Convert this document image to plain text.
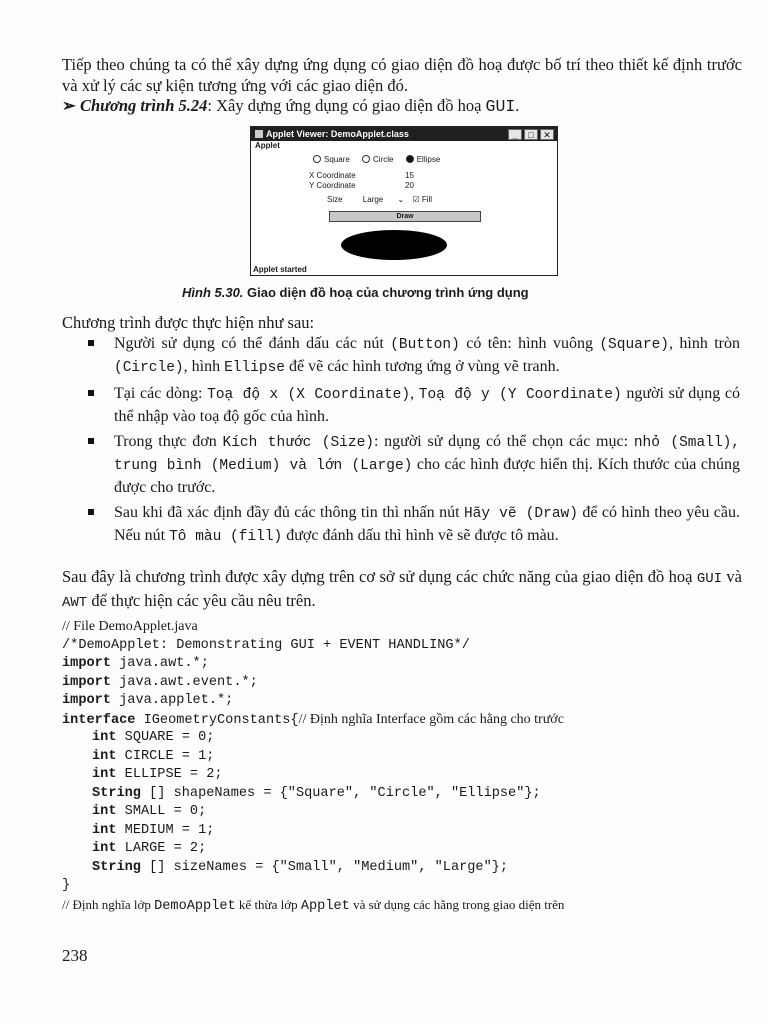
Tiếp theo chúng ta có thể xây dựng ứng dụng có giao diện đồ hoạ được bố trí theo thiết kế định trước và xử lý các sự kiện tương ứng với các giao diện đó.

➢ Chương trình 5.24: Xây dựng ứng dụng có giao diện đồ hoạ GUI.

Applet Viewer: DemoApplet.class	_ □ ✕
Applet
Square	Circle	Ellipse
X Coordinate	15
Y Coordinate	20
Size	Large ⌄ ☑ Fill
Draw
Applet started

Hình 5.30. Giao diện đồ hoạ của chương trình ứng dụng

Chương trình được thực hiện như sau:

Người sử dụng có thể đánh dấu các nút (Button) có tên: hình vuông (Square), hình tròn (Circle), hình Ellipse để vẽ các hình tương ứng ở vùng vẽ tranh.
Tại các dòng: Toạ độ x (X Coordinate), Toạ độ y (Y Coordinate) người sử dụng có thể nhập vào toạ độ gốc của hình.
Trong thực đơn Kích thước (Size): người sử dụng có thể chọn các mục: nhỏ (Small), trung bình (Medium) và lớn (Large) cho các hình được hiển thị. Kích thước của chúng được cho trước.
Sau khi đã xác định đầy đủ các thông tin thì nhấn nút Hãy vẽ (Draw) để có hình theo yêu cầu. Nếu nút Tô màu (fill) được đánh dấu thì hình vẽ sẽ được tô màu.

Sau đây là chương trình được xây dựng trên cơ sở sử dụng các chức năng của giao diện đồ hoạ GUI và AWT để thực hiện các yêu cầu nêu trên.

// File DemoApplet.java
/*DemoApplet: Demonstrating GUI + EVENT HANDLING*/
import java.awt.*;
import java.awt.event.*;
import java.applet.*;
interface IGeometryConstants{// Định nghĩa Interface gồm các hằng cho trước
int SQUARE = 0;
int CIRCLE = 1;
int ELLIPSE = 2;
String [] shapeNames = {"Square", "Circle", "Ellipse"};
int SMALL = 0;
int MEDIUM = 1;
int LARGE = 2;
String [] sizeNames = {"Small", "Medium", "Large"};
}
// Định nghĩa lớp DemoApplet kế thừa lớp Applet và sử dụng các hằng trong giao diện trên
238
